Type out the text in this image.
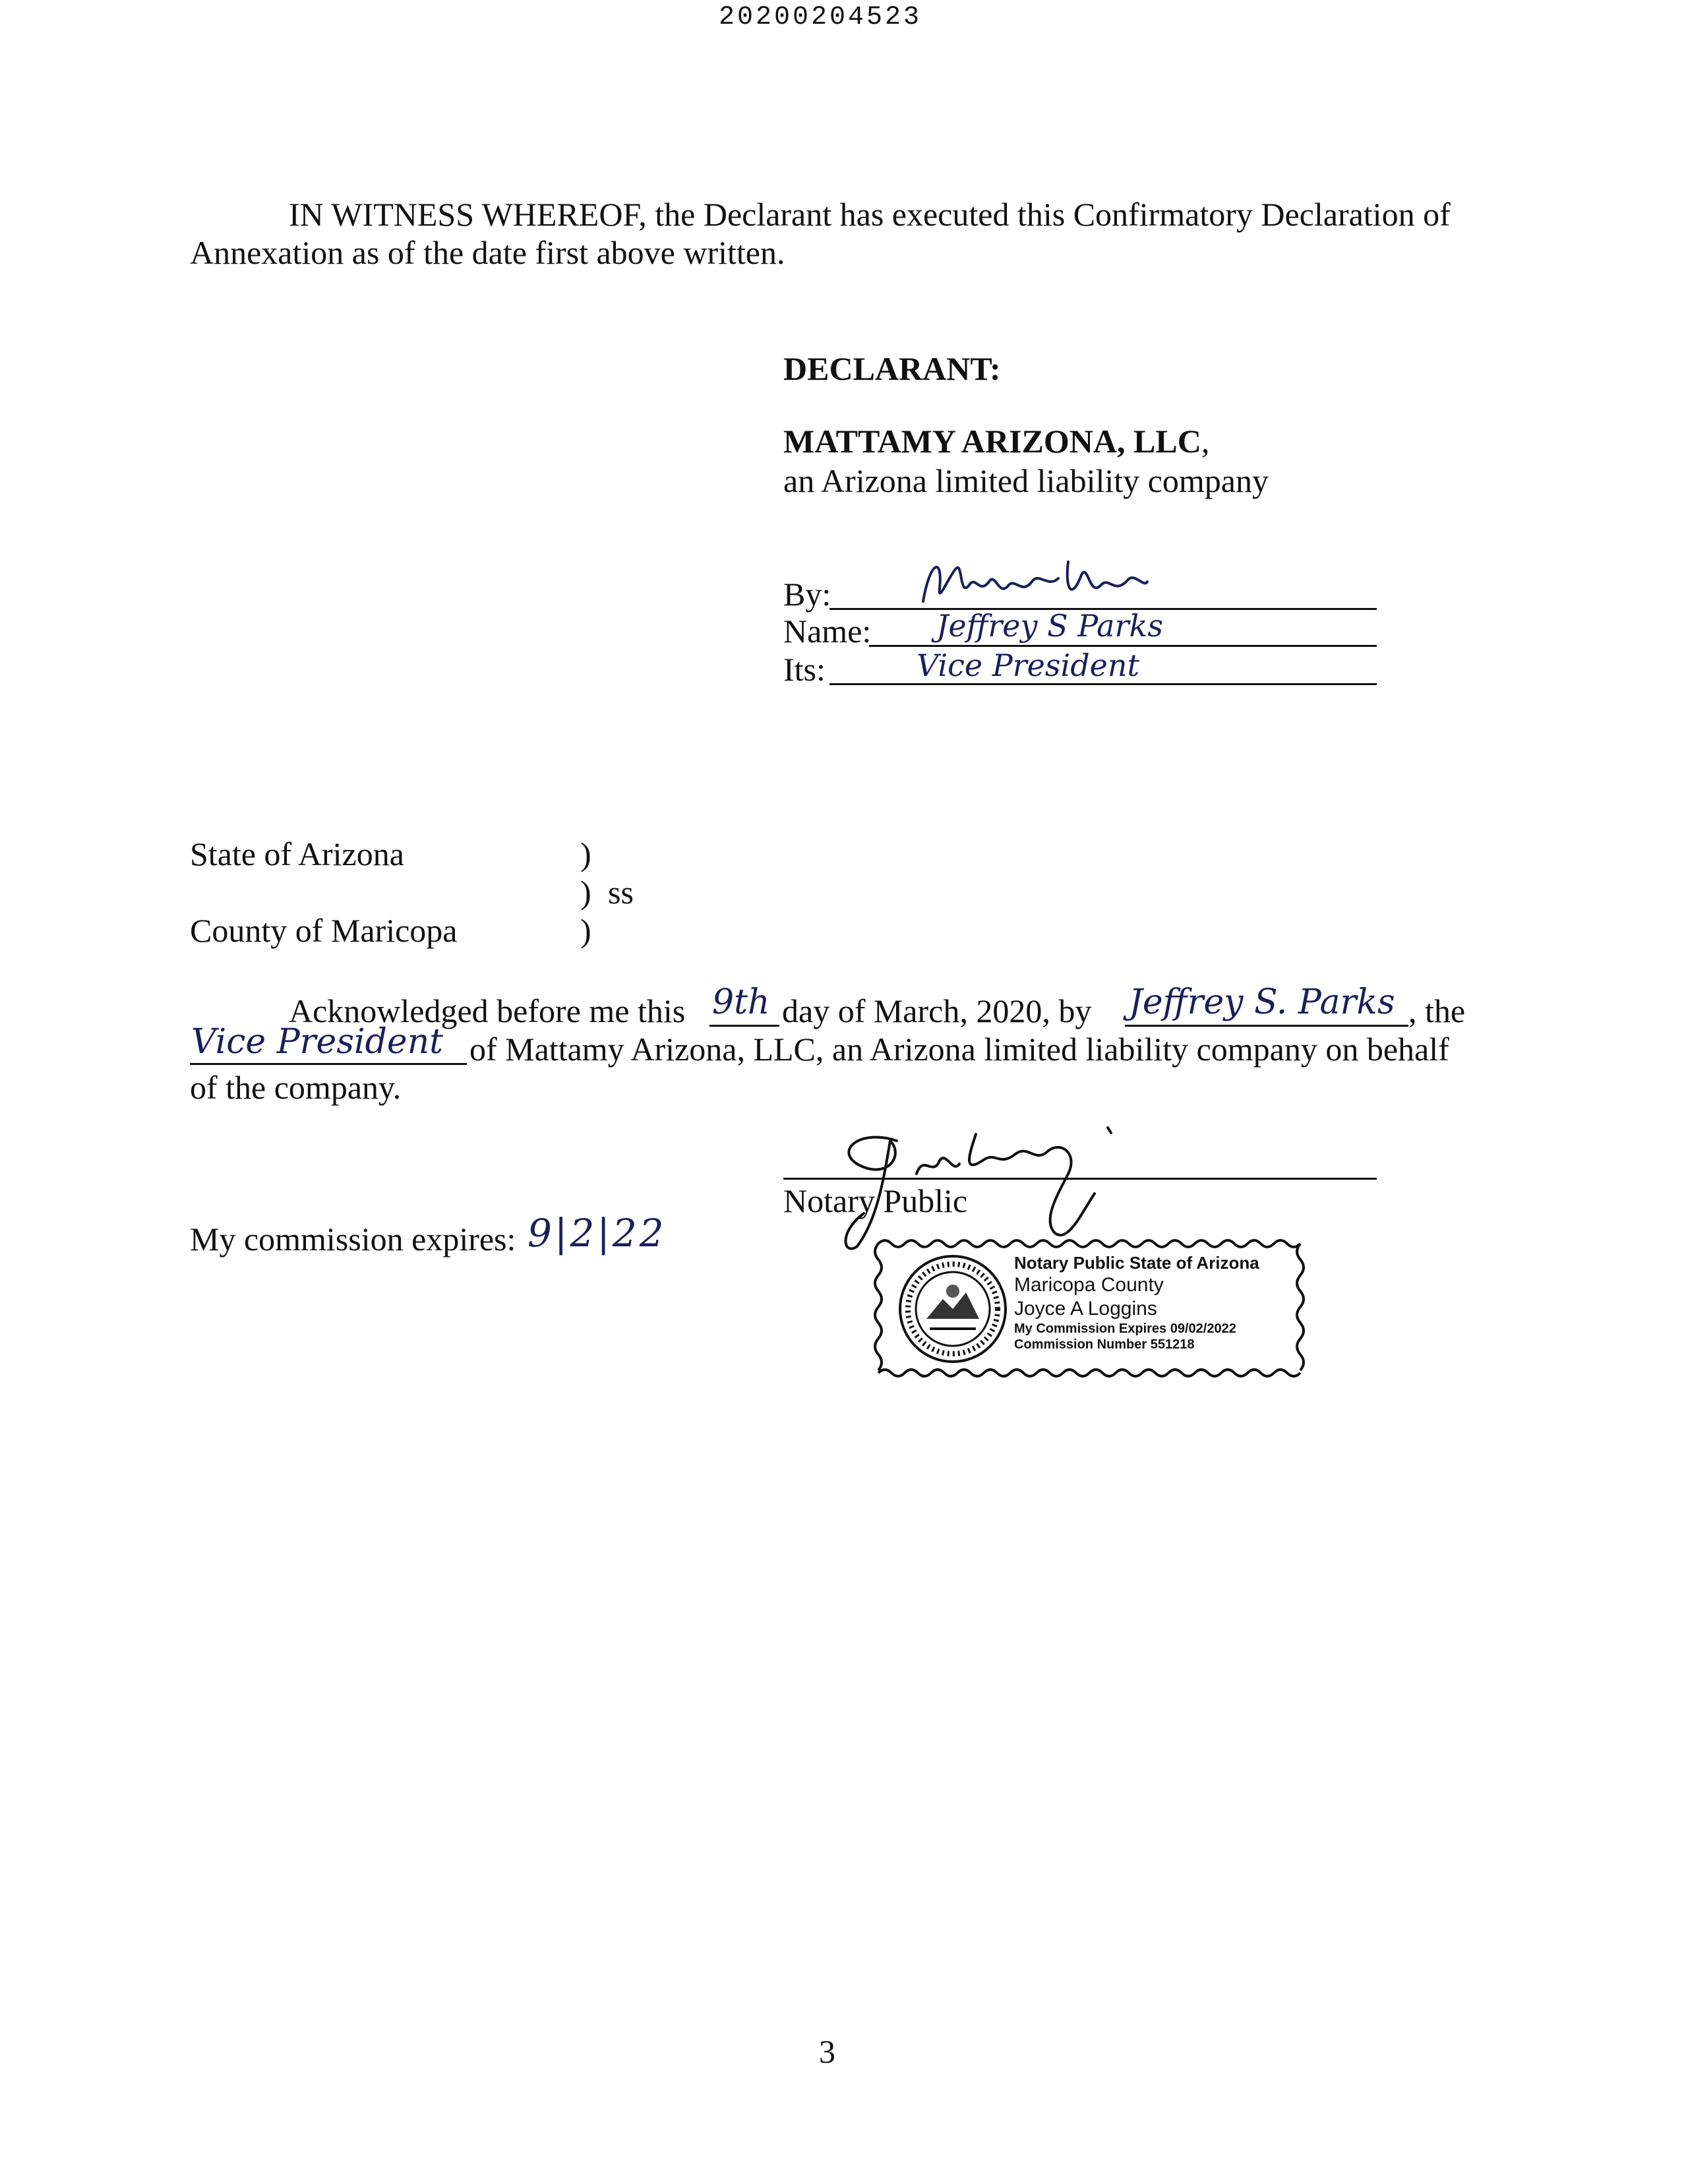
20200204523
IN WITNESS WHEREOF, the Declarant has executed this Confirmatory Declaration of
Annexation as of the date first above written.
DECLARANT:
MATTAMY ARIZONA, LLC,
an Arizona limited liability company
By:
Name: Jeffrey S Parks
Its:	Vice President
State of Arizona	)
) ss
County of Maricopa	)
Acknowledged before me this 9th day of March, 2020, by Jeffrey S. Parks , the
Vice President of Mattamy Arizona, LLC, an Arizona limited liability company on behalf
of the company.
Notary Public
My commission expires: 9|2|22
Notary Public State of Arizona
Maricopa County
Joyce A Loggins
My Commission Expires 09/02/2022
Commission Number 551218
3
